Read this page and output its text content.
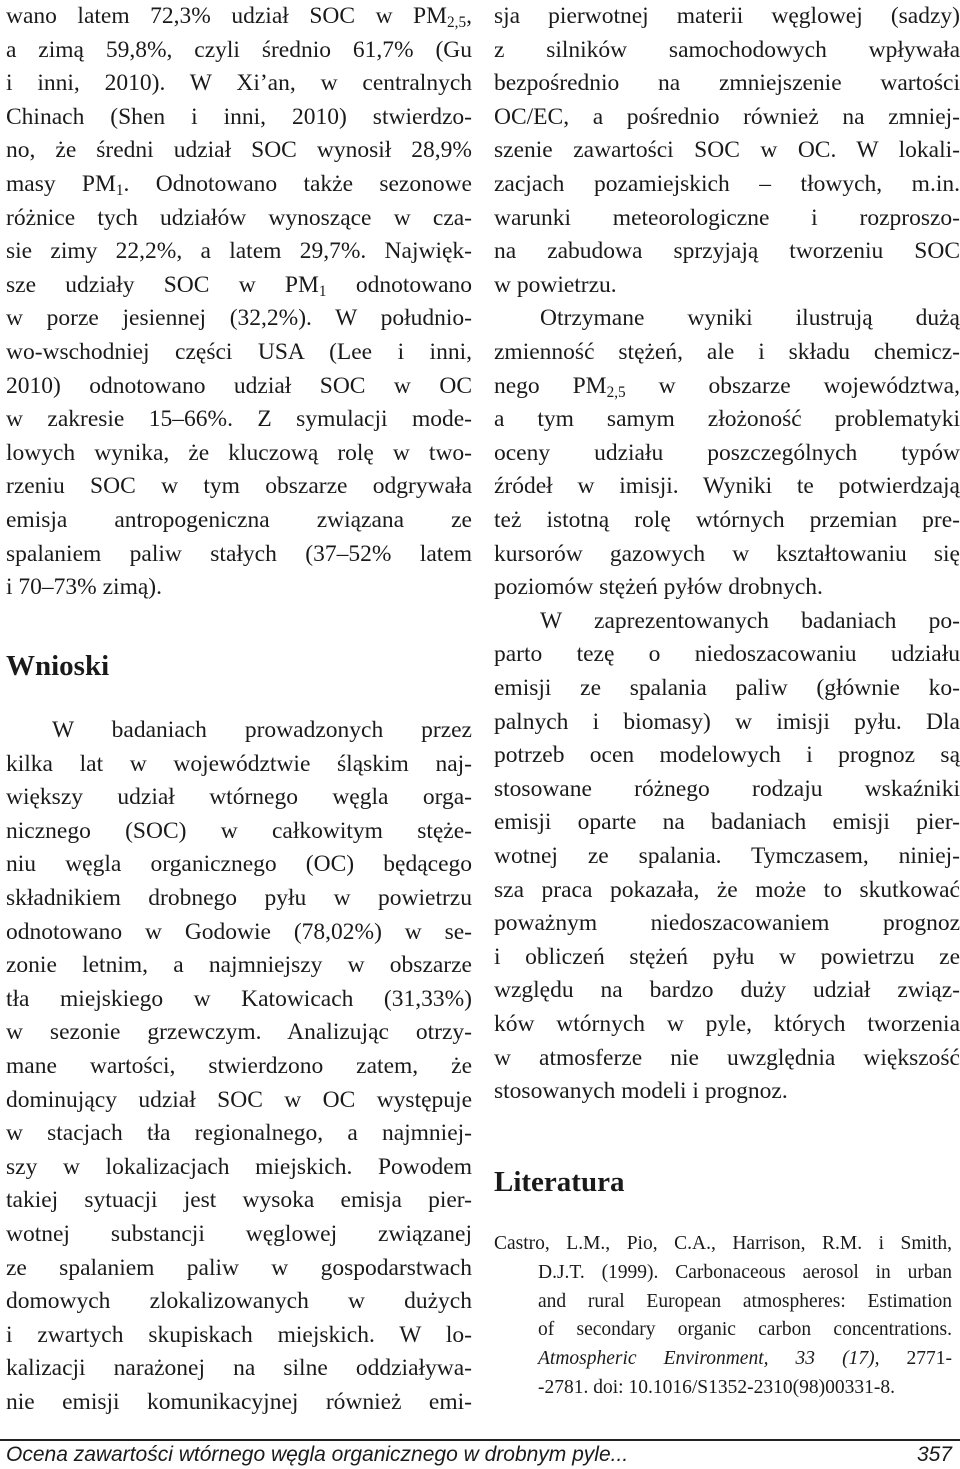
wano latem 72,3% udział SOC w $PM_{2,5}$,
a zimą 59,8%, czyli średnio 61,7% (Gu
i inni, 2010). W Xi’an, w centralnych
Chinach (Shen i inni, 2010) stwierdzo-
no, że średni udział SOC wynosił 28,9%
masy $PM_1$. Odnotowano także sezonowe
różnice tych udziałów wynoszące w cza-
sie zimy 22,2%, a latem 29,7%. Najwięk-
sze udziały SOC w $PM_1$ odnotowano
w porze jesiennej (32,2%). W południo-
wo-wschodniej części USA (Lee i inni,
2010) odnotowano udział SOC w OC
w zakresie 15–66%. Z symulacji mode-
lowych wynika, że kluczową rolę w two-
rzeniu SOC w tym obszarze odgrywała
emisja antropogeniczna związana ze
spalaniem paliw stałych (37–52% latem
i 70–73% zimą).
Wnioski
W badaniach prowadzonych przez
kilka lat w województwie śląskim naj-
większy udział wtórnego węgla orga-
nicznego (SOC) w całkowitym stęże-
niu węgla organicznego (OC) będącego
składnikiem drobnego pyłu w powietrzu
odnotowano w Godowie (78,02%) w se-
zonie letnim, a najmniejszy w obszarze
tła miejskiego w Katowicach (31,33%)
w sezonie grzewczym. Analizując otrzy-
mane wartości, stwierdzono zatem, że
dominujący udział SOC w OC występuje
w stacjach tła regionalnego, a najmniej-
szy w lokalizacjach miejskich. Powodem
takiej sytuacji jest wysoka emisja pier-
wotnej substancji węglowej związanej
ze spalaniem paliw w gospodarstwach
domowych zlokalizowanych w dużych
i zwartych skupiskach miejskich. W lo-
kalizacji narażonej na silne oddziaływa-
nie emisji komunikacyjnej również emi-
sja pierwotnej materii węglowej (sadzy)
z silników samochodowych wpływała
bezpośrednio na zmniejszenie wartości
OC/EC, a pośrednio również na zmniej-
szenie zawartości SOC w OC. W lokali-
zacjach pozamiejskich – tłowych, m.in.
warunki meteorologiczne i rozproszo-
na zabudowa sprzyjają tworzeniu SOC
w powietrzu.
Otrzymane wyniki ilustrują dużą
zmienność stężeń, ale i składu chemicz-
nego $PM_{2,5}$ w obszarze województwa,
a tym samym złożoność problematyki
oceny udziału poszczególnych typów
źródeł w imisji. Wyniki te potwierdzają
też istotną rolę wtórnych przemian pre-
kursorów gazowych w kształtowaniu się
poziomów stężeń pyłów drobnych.
W zaprezentowanych badaniach po-
parto tezę o niedoszacowaniu udziału
emisji ze spalania paliw (głównie ko-
palnych i biomasy) w imisji pyłu. Dla
potrzeb ocen modelowych i prognoz są
stosowane różnego rodzaju wskaźniki
emisji oparte na badaniach emisji pier-
wotnej ze spalania. Tymczasem, niniej-
sza praca pokazała, że może to skutkować
poważnym niedoszacowaniem prognoz
i obliczeń stężeń pyłu w powietrzu ze
względu na bardzo duży udział związ-
ków wtórnych w pyle, których tworzenia
w atmosferze nie uwzględnia większość
stosowanych modeli i prognoz.
Literatura
Castro, L.M., Pio, C.A., Harrison, R.M. i Smith,
D.J.T. (1999). Carbonaceous aerosol in urban
and rural European atmospheres: Estimation
of secondary organic carbon concentrations.
Atmospheric Environment, 33 (17), 2771-
-2781. doi: 10.1016/S1352-2310(98)00331-8.
Ocena zawartości wtórnego węgla organicznego w drobnym pyle...	357
